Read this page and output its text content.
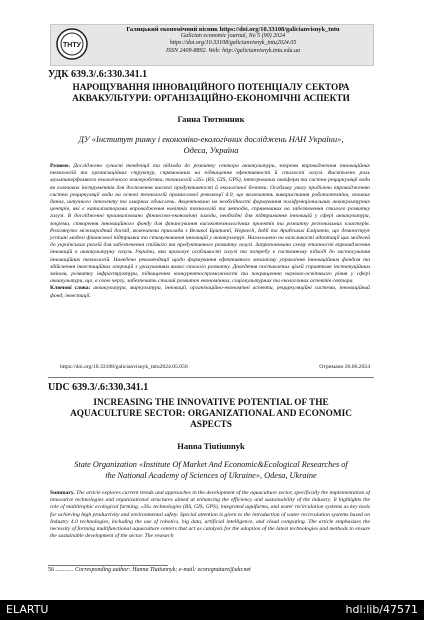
ТНТУ
Галицький економічний вісник https://doi.org/10.33108/galicianvisnyk_tntu
Galician economic journal, No 5 (90) 2024
https://doi.org/10.33108/galicianvisnyk_tntu2024.05
ISSN 2409-8892. Web: http://galicianvisnyk.tntu.edu.ua
УДК 639.3/.6:330.341.1
НАРОЩУВАННЯ ІННОВАЦІЙНОГО ПОТЕНЦІАЛУ СЕКТОРА
АКВАКУЛЬТУРИ: ОРГАНІЗАЦІЙНО-ЕКОНОМІЧНІ АСПЕКТИ
Ганна Тютюнник
ДУ «Інститут ринку і економіко-екологічних досліджень НАН України»,
Одеса, Україна
Резюме. Досліджено сучасні тенденції та підходи до розвитку сектора аквакультури, зокрема впровадження інноваційних технологій та організаційних структур, спрямованих на підвищення ефективності й сталості галузі. Висвітлено роль мультиперфомного екологічного землеробства, технологій «3S» (RS, GIS, GPS), інтегрованих аквіферм та систем рециркуляції води як ключових інструментів для досягнення високої продуктивності й екологічної безпеки. Особливу увагу приділено впровадженню систем рециркуляції води на основі технологій промислової революції 4.0, що включають використання робототехніки, великих даних, штучного інтелекту та хмарних обчислень. Акцентовано на необхідності формування поліфункціональних аквакультурних центрів, які є каталізаторами впровадження новітніх технологій та методів, спрямованих на забезпечення сталого розвитку галузі. В дослідженні проаналізовано фінансово-економічні заходи, необхідні для підтримання інновацій у сфері аквакультури, зокрема, створення інноваційного фонду для фінансування високотехнологічних проектів та розвитку регіональних кластерів. Розглянуто міжнародний досвід, включаючи приклади з Великої Британії, Норвегії, Індії та Арабських Еміратів, що демонструє успішні моделі фінансової підтримки та стимулювання інновацій у аквакультурі. Наголошено на важливості адаптації цих моделей до українських реалій для забезпечення стійкого та продуктивного розвитку галузі. Запропоновано схему етапності впровадження інновацій в аквакультурну галузь України, яка враховує особливості галузі та потребу в системному підході до застосування інноваційних технологій. Наведено рекомендації щодо формування ефективного механізму управління інноваційним фондом та здійснення інвестиційних операцій з урахуванням вимог сталого розвитку. Доведення поставлених цілей сприятиме інституційним змінам, розвитку інфраструктури, підвищенню конкурентоспроможності та покращенню науково-освітнього рівня у сфері аквакультури, що, в свою чергу, забезпечить сталий розвиток економічних, соціокультурних та екологічних аспектів сектора.
Ключові слова: аквакультура, маркультура, інновації, організаційно-економічні аспекти, рециркуляційні системи, інноваційний фонд, інвестиції.
https://doi.org/10.33108/galicianvisnyk_tntu2024.05.056	Отримано 26.06.2024
UDC 639.3/.6:330.341.1
INCREASING THE INNOVATIVE POTENTIAL OF THE
AQUACULTURE SECTOR: ORGANIZATIONAL AND ECONOMIC
ASPECTS
Hanna Tiutiunnyk
State Organization «Institute Of Market And Economic&Ecological Researches of
the National Academy of Sciences of Ukraine», Odesa, Ukraine
Summary. The article explores current trends and approaches in the development of the aquaculture sector, specifically the implementation of innovative technologies and organizational structures aimed at enhancing the efficiency and sustainability of the industry. It highlights the role of multitrophic ecological farming, «3S» technologies (RS, GIS, GPS), integrated aquifarms, and water recirculation systems as key tools for achieving high productivity and environmental safety. Special attention is given to the introduction of water recirculation systems based on Industry 4.0 technologies, including the use of robotics, big data, artificial intelligence, and cloud computing. The article emphasizes the necessity of forming multifunctional aquaculture centers that act as catalysts for the adoption of the latest technologies and methods to ensure the sustainable development of the sector. The research
56 ............ Corresponding author: Hanna Tiutiunnyk; e-mail: ecoregnature@ukr.net
ELARTU	hdl:lib/47571
